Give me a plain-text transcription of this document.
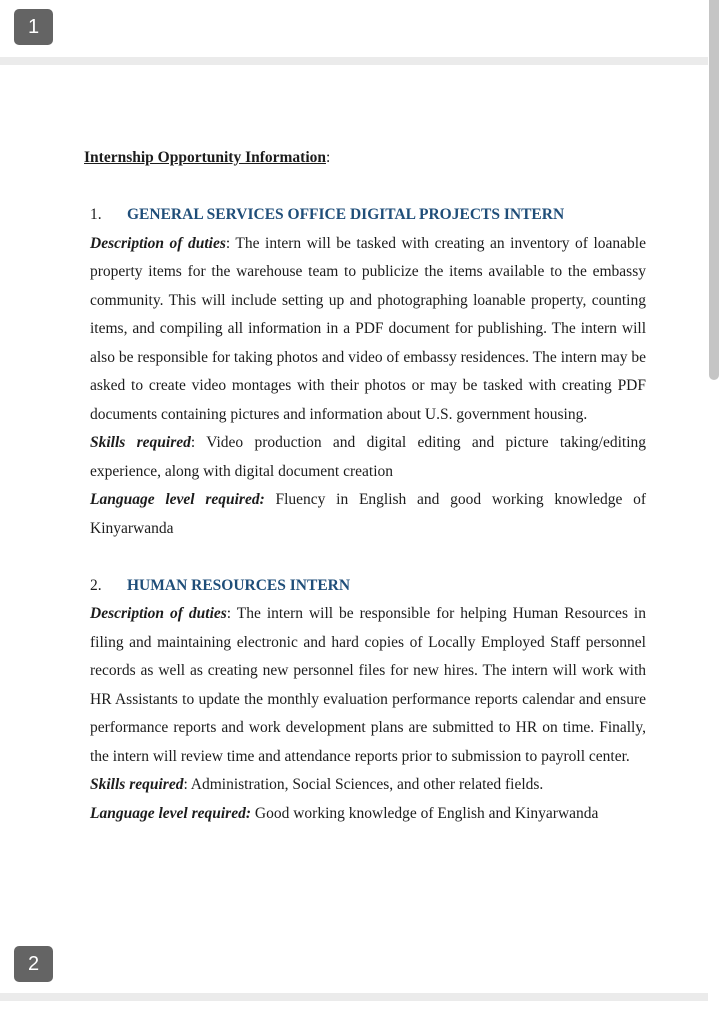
1
2
Internship Opportunity Information:
1.	GENERAL SERVICES OFFICE DIGITAL PROJECTS INTERN

Description of duties: The intern will be tasked with creating an inventory of loanable property items for the warehouse team to publicize the items available to the embassy community. This will include setting up and photographing loanable property, counting items, and compiling all information in a PDF document for publishing. The intern will also be responsible for taking photos and video of embassy residences. The intern may be asked to create video montages with their photos or may be tasked with creating PDF documents containing pictures and information about U.S. government housing.

Skills required: Video production and digital editing and picture taking/editing experience, along with digital document creation

Language level required: Fluency in English and good working knowledge of Kinyarwanda

2.	HUMAN RESOURCES INTERN

Description of duties: The intern will be responsible for helping Human Resources in filing and maintaining electronic and hard copies of Locally Employed Staff personnel records as well as creating new personnel files for new hires. The intern will work with HR Assistants to update the monthly evaluation performance reports calendar and ensure performance reports and work development plans are submitted to HR on time. Finally, the intern will review time and attendance reports prior to submission to payroll center.

Skills required: Administration, Social Sciences, and other related fields.

Language level required: Good working knowledge of English and Kinyarwanda
